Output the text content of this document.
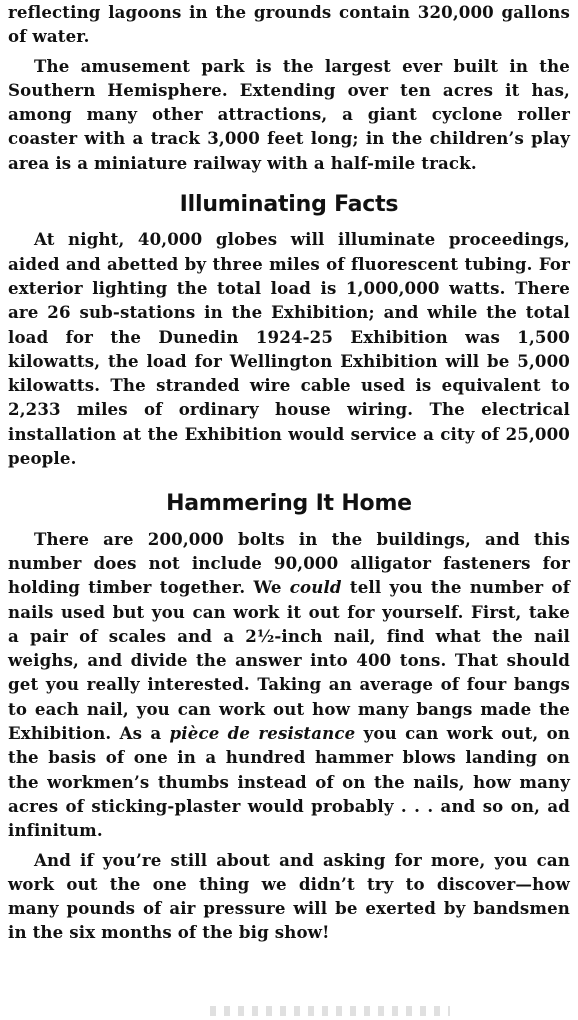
reflecting lagoons in the grounds contain 320,000 gallons of water.

The amusement park is the largest ever built in the Southern Hemisphere. Extending over ten acres it has, among many other attractions, a giant cyclone roller coaster with a track 3,000 feet long; in the children’s play area is a miniature railway with a half-mile track.

Illuminating Facts

At night, 40,000 globes will illuminate proceedings, aided and abetted by three miles of fluorescent tubing. For exterior lighting the total load is 1,000,000 watts. There are 26 sub-stations in the Exhibition; and while the total load for the Dunedin 1924-25 Exhibition was 1,500 kilowatts, the load for Wellington Exhibition will be 5,000 kilowatts. The stranded wire cable used is equivalent to 2,233 miles of ordinary house wiring. The electrical installation at the Exhibition would service a city of 25,000 people.

Hammering It Home

There are 200,000 bolts in the buildings, and this number does not include 90,000 alligator fasteners for holding timber together. We could tell you the number of nails used but you can work it out for yourself. First, take a pair of scales and a 2½-inch nail, find what the nail weighs, and divide the answer into 400 tons. That should get you really interested. Taking an average of four bangs to each nail, you can work out how many bangs made the Exhibition. As a pièce de resistance you can work out, on the basis of one in a hundred hammer blows landing on the workmen’s thumbs instead of on the nails, how many acres of sticking-plaster would probably . . . and so on, ad infinitum.

And if you’re still about and asking for more, you can work out the one thing we didn’t try to discover—how many pounds of air pressure will be exerted by bandsmen in the six months of the big show!
